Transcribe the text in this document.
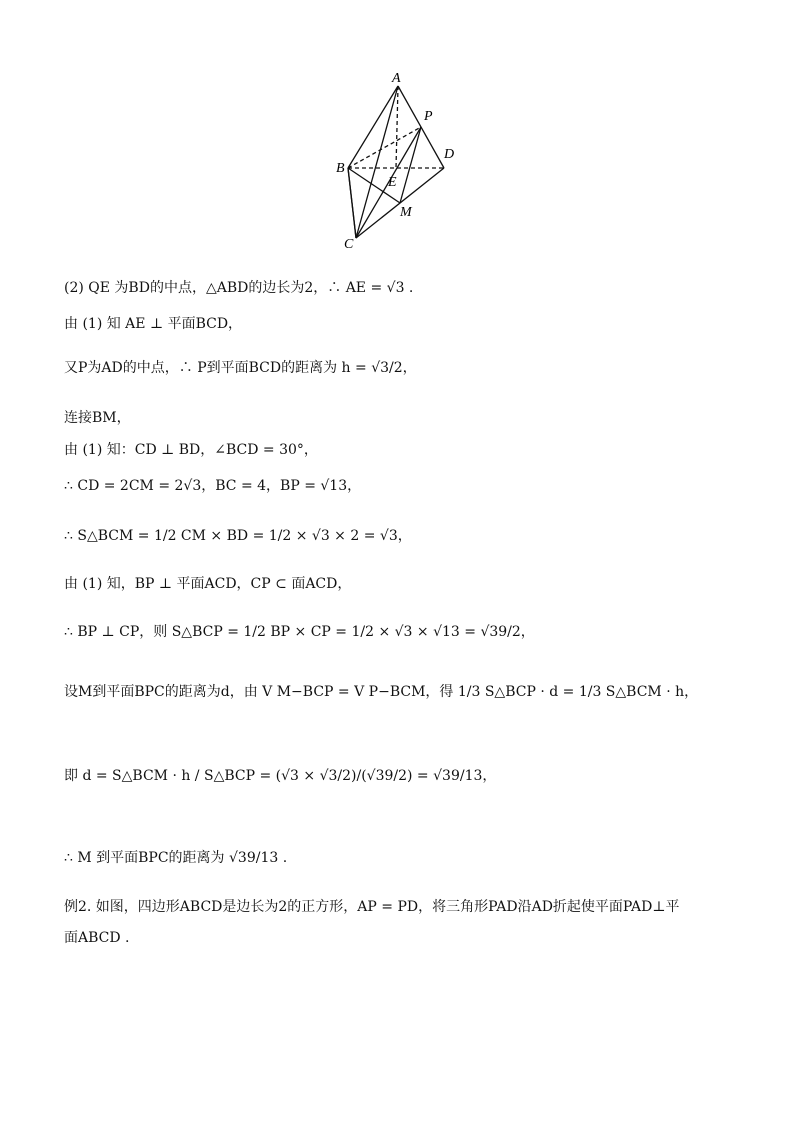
A
P
B
D
E
M
C
(2) QE 为BD的中点，△ABD的边长为2，∴ AE = √3 .
由 (1) 知 AE ⊥ 平面BCD，
又P为AD的中点，∴ P到平面BCD的距离为 h = √3/2，
连接BM，
由 (1) 知：CD ⊥ BD，∠BCD = 30°，
∴ CD = 2CM = 2√3，BC = 4，BP = √13，
∴ S△BCM = 1/2 CM × BD = 1/2 × √3 × 2 = √3，
由 (1) 知，BP ⊥ 平面ACD，CP ⊂ 面ACD，
∴ BP ⊥ CP，则 S△BCP = 1/2 BP × CP = 1/2 × √3 × √13 = √39/2，
设M到平面BPC的距离为d，由 V M−BCP = V P−BCM，得 1/3 S△BCP · d = 1/3 S△BCM · h，
即 d = S△BCM · h / S△BCP = (√3 × √3/2)/(√39/2) = √39/13，
∴ M 到平面BPC的距离为 √39/13 .
例2. 如图，四边形ABCD是边长为2的正方形，AP = PD，将三角形PAD沿AD折起使平面PAD⊥平
面ABCD .
